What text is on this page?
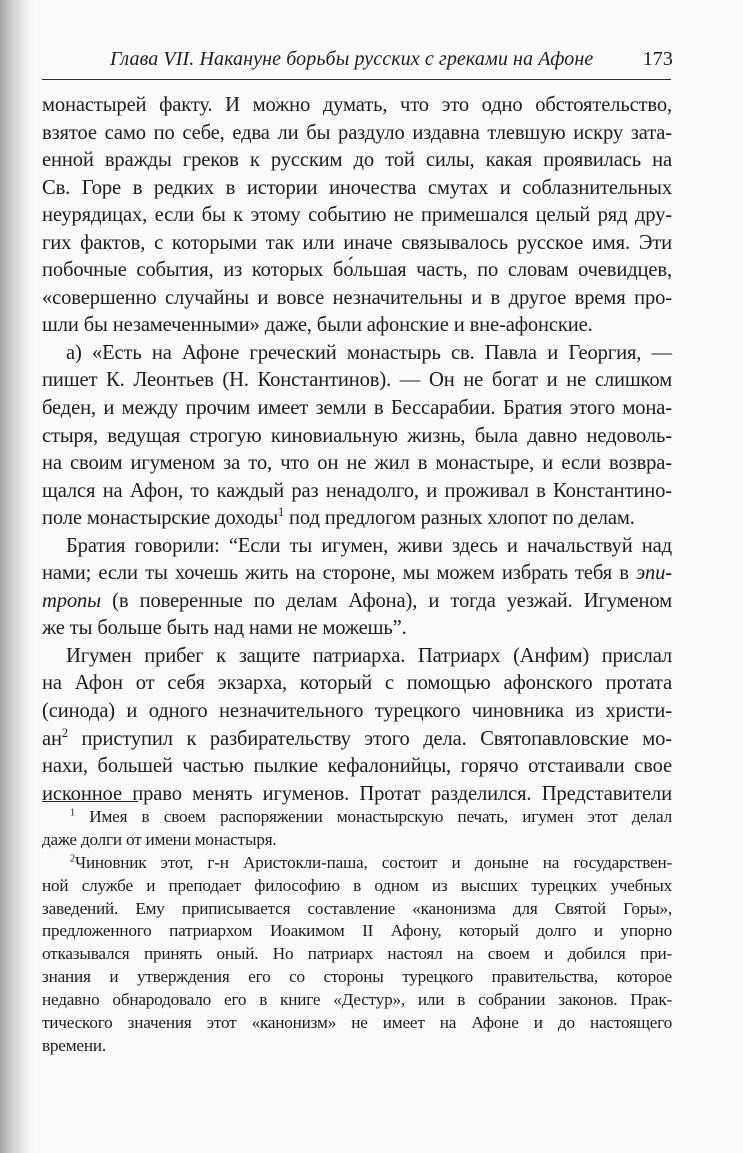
Глава VII. Накануне борьбы русских с греками на Афоне 173
монастырей факту. И можно думать, что это одно обстоятельство,
взятое само по себе, едва ли бы раздуло издавна тлевшую искру зата-
енной вражды греков к русским до той силы, какая проявилась на
Св. Горе в редких в истории иночества смутах и соблазнительных
неурядицах, если бы к этому событию не примешался целый ряд дру-
гих фактов, с которыми так или иначе связывалось русское имя. Эти
побочные события, из которых бо́льшая часть, по словам очевидцев,
«совершенно случайны и вовсе незначительны и в другое время про-
шли бы незамеченными» даже, были афонские и вне-афонские.
а) «Есть на Афоне греческий монастырь св. Павла и Георгия, —
пишет К. Леонтьев (Н. Константинов). — Он не богат и не слишком
беден, и между прочим имеет земли в Бессарабии. Братия этого мона-
стыря, ведущая строгую киновиальную жизнь, была давно недоволь-
на своим игуменом за то, что он не жил в монастыре, и если возвра-
щался на Афон, то каждый раз ненадолго, и проживал в Константино-
поле монастырские доходы$^1$ под предлогом разных хлопот по делам.
Братия говорили: “Если ты игумен, живи здесь и начальствуй над
нами; если ты хочешь жить на стороне, мы можем избрать тебя в эпи-
тропы (в поверенные по делам Афона), и тогда уезжай. Игуменом
же ты больше быть над нами не можешь”.
Игумен прибег к защите патриарха. Патриарх (Анфим) прислал
на Афон от себя экзарха, который с помощью афонского протата
(синода) и одного незначительного турецкого чиновника из христи-
$ан^2$ приступил к разбирательству этого дела. Святопавловские мо-
нахи, большей частью пылкие кефалонийцы, горячо отстаивали свое
исконное право менять игуменов. Протат разделился. Представители
$^1$ Имея в своем распоряжении монастырскую печать, игумен этот делал
даже долги от имени монастыря.
$^2$Чиновник этот, г-н Аристокли-паша, состоит и доныне на государствен-
ной службе и преподает философию в одном из высших турецких учебных
заведений. Ему приписывается составление «канонизма для Святой Горы»,
предложенного патриархом Иоакимом II Афону, который долго и упорно
отказывался принять оный. Но патриарх настоял на своем и добился при-
знания и утверждения его со стороны турецкого правительства, которое
недавно обнародовало его в книге «Дестур», или в собрании законов. Прак-
тического значения этот «канонизм» не имеет на Афоне и до настоящего
времени.
